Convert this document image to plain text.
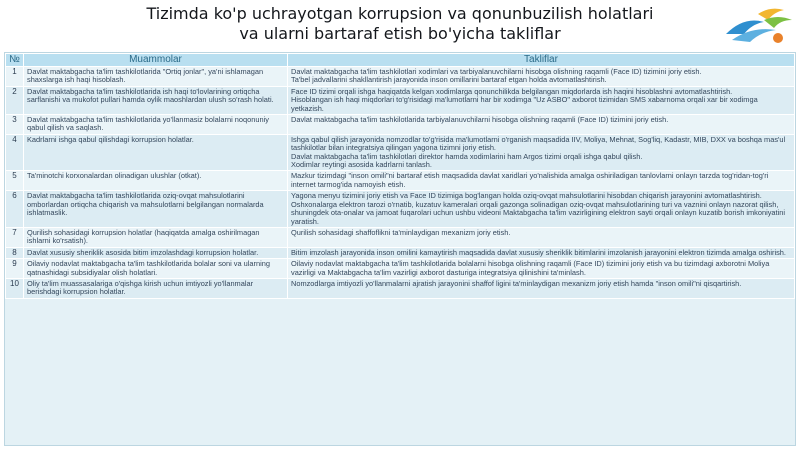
Tizimda ko'p uchrayotgan korrupsion va qonunbuzilish holatlari
va ularni bartaraf etish bo'yicha takliflar
№	Muammolar	Takliflar
1	Davlat maktabgacha ta'lim tashkilotlarida "Ortiq jonlar", ya'ni ishlamagan shaxslarga ish haqi hisoblash.	Davlat maktabgacha ta'lim tashkilotlari xodimlari va tarbiyalanuvchilarni hisobga olishning raqamli (Face ID) tizimini joriy etish.
Ta'bel jadvallarini shakllantirish jarayonida inson omillarini bartaraf etgan holda avtomatlashtirish.

2	Davlat maktabgacha ta'lim tashkilotlarida ish haqi to'lovlarining ortiqcha sarflanishi va mukofot pullari hamda oylik maoshlardan ulush so'rash holati.	Face ID tizimi orqali ishga haqiqatda kelgan xodimlarga qonunchilikda belgilangan miqdorlarda ish haqini hisoblashni avtomatlashtirish.
Hisoblangan ish haqi miqdorlari to'g'risidagi ma'lumotlarni har bir xodimga "Uz ASBO" axborot tizimidan SMS xabarnoma orqali xar bir xodimga yetkazish.

3	Davlat maktabgacha ta'lim tashkilotlarida yo'llanmasiz bolalarni noqonuniy qabul qilish va saqlash.	Davlat maktabgacha ta'lim tashkilotlarida tarbiyalanuvchilarni hisobga olishning raqamli (Face ID) tizimini joriy etish.

4	Kadrlarni ishga qabul qilishdagi korrupsion holatlar.	Ishga qabul qilish jarayonida nomzodlar to'g'risida ma'lumotlarni o'rganish maqsadida IIV, Moliya, Mehnat, Sog'liq, Kadastr, MIB, DXX va boshqa mas'ul tashkilotlar bilan integratsiya qilingan yagona tizimni joriy etish.
Davlat maktabgacha ta'lim tashkilotlari direktor hamda xodimlarini ham Argos tizimi orqali ishga qabul qilish.
Xodimlar reytingi asosida kadrlarni tanlash.

5	Ta'minotchi korxonalardan olinadigan ulushlar (otkat).	Mazkur tizimdagi "inson omili"ni bartaraf etish maqsadida davlat xaridlari yo'nalishida amalga oshiriladigan tanlovlarni onlayn tarzda tog'ridan-tog'ri internet tarmog'ida namoyish etish.

6	Davlat maktabgacha ta'lim tashkilotlarida oziq-ovqat mahsulotlarini omborlardan ortiqcha chiqarish va mahsulotlarni belgilangan normalarda ishlatmaslik.	Yagona menyu tizimini joriy etish va Face ID tizimiga bog'langan holda oziq-ovqat mahsulotlarini hisobdan chiqarish jarayonini avtomatlashtirish.
Oshxonalarga elektron tarozi o'rnatib, kuzatuv kameralari orqali gazonga solinadigan oziq-ovqat mahsulotlarining turi va vaznini onlayn nazorat qilish, shuningdek ota-onalar va jamoat fuqarolari uchun ushbu videoni Maktabgacha ta'lim vazirligining elektron sayti orqali onlayn kuzatib borish imkoniyatini yaratish.

7	Qurilish sohasidagi korrupsion holatlar (haqiqatda amalga oshirilmagan ishlarni ko'rsatish).	Qurilish sohasidagi shaffoflikni ta'minlaydigan mexanizm joriy etish.

8	Davlat xususiy sheriklik asosida bitim imzolashdagi korrupsion holatlar.	Bitim imzolash jarayonida inson omilini kamaytirish maqsadida davlat xususiy sheriklik bitimlarini imzolanish jarayonini elektron tizimda amalga oshirish.

9	Oilaviy nodavlat maktabgacha ta'lim tashkilotlarida bolalar soni va ularning qatnashidagi subsidiyalar olish holatlari.	Oilaviy nodavlat maktabgacha ta'lim tashkilotlarida bolalarni hisobga olishning raqamli (Face ID) tizimini joriy etish va bu tizimdagi axborotni Moliya vazirligi va Maktabgacha ta'lim vazirligi axborot dasturiga integratsiya qilinishini ta'minlash.

10	Oliy ta'lim muassasalariga o'qishga kirish uchun imtiyozli yo'llanmalar berishdagi korrupsion holatlar.	Nomzodlarga imtiyozli yo'llanmalarni ajratish jarayonini shaffof ligini ta'minlaydigan mexanizm joriy etish hamda "inson omili"ni qisqartirish.
